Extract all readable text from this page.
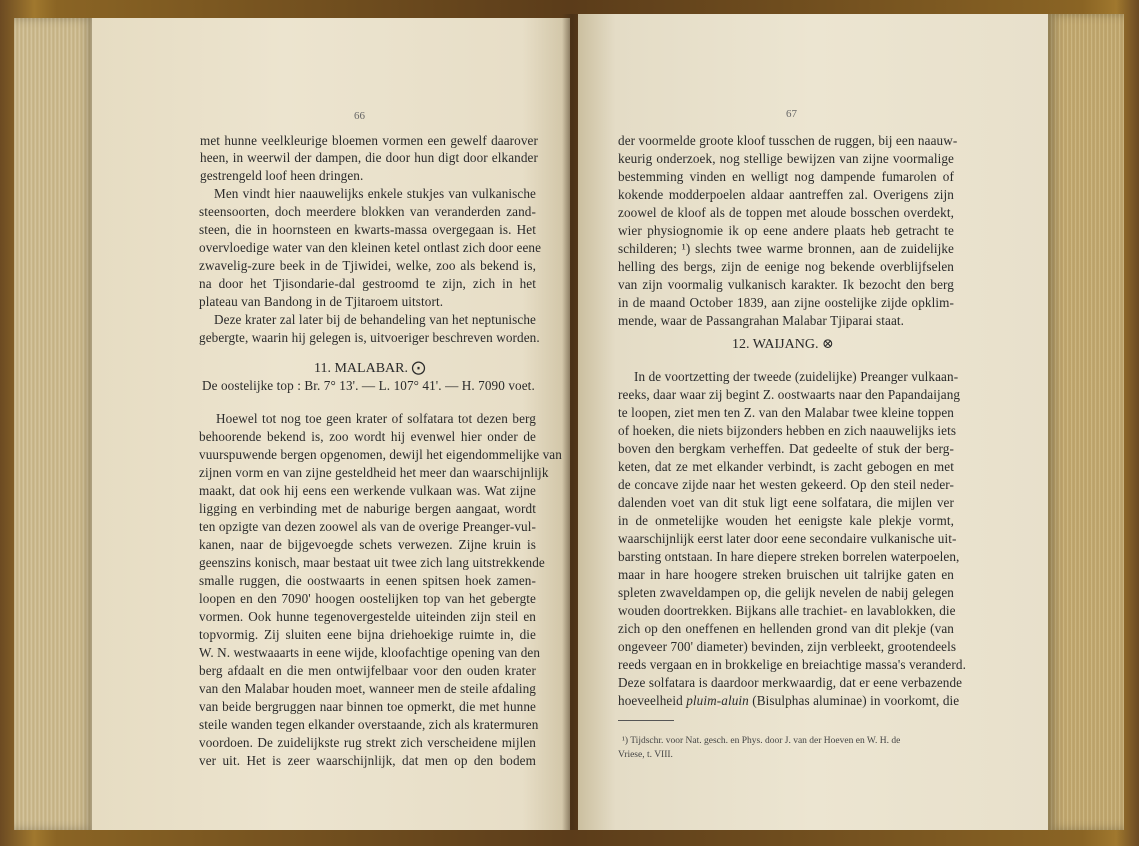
66
met hunne veelkleurige bloemen vormen een gewelf daarover
heen, in weerwil der dampen, die door hun digt door elkander
gestrengeld loof heen dringen.
Men vindt hier naauwelijks enkele stukjes van vulkanische
steensoorten, doch meerdere blokken van veranderden zand-
steen, die in hoornsteen en kwarts-massa overgegaan is. Het
overvloedige water van den kleinen ketel ontlast zich door eene
zwavelig-zure beek in de Tjiwidei, welke, zoo als bekend is,
na door het Tjisondarie-dal gestroomd te zijn, zich in het
plateau van Bandong in de Tjitaroem uitstort.
Deze krater zal later bij de behandeling van het neptunische
gebergte, waarin hij gelegen is, uitvoeriger beschreven worden.
11. MALABAR. ⨀
De oostelijke top : Br. 7° 13'. — L. 107° 41'. — H. 7090 voet.
Hoewel tot nog toe geen krater of solfatara tot dezen berg
behoorende bekend is, zoo wordt hij evenwel hier onder de
vuurspuwende bergen opgenomen, dewijl het eigendommelijke van
zijnen vorm en van zijne gesteldheid het meer dan waarschijnlijk
maakt, dat ook hij eens een werkende vulkaan was. Wat zijne
ligging en verbinding met de naburige bergen aangaat, wordt
ten opzigte van dezen zoowel als van de overige Preanger-vul-
kanen, naar de bijgevoegde schets verwezen. Zijne kruin is
geenszins konisch, maar bestaat uit twee zich lang uitstrekkende
smalle ruggen, die oostwaarts in eenen spitsen hoek zamen-
loopen en den 7090' hoogen oostelijken top van het gebergte
vormen. Ook hunne tegenovergestelde uiteinden zijn steil en
topvormig. Zij sluiten eene bijna driehoekige ruimte in, die
W. N. westwaaarts in eene wijde, kloofachtige opening van den
berg afdaalt en die men ontwijfelbaar voor den ouden krater
van den Malabar houden moet, wanneer men de steile afdaling
van beide bergruggen naar binnen toe opmerkt, die met hunne
steile wanden tegen elkander overstaande, zich als kratermuren
voordoen. De zuidelijkste rug strekt zich verscheidene mijlen
ver uit. Het is zeer waarschijnlijk, dat men op den bodem
67
der voormelde groote kloof tusschen de ruggen, bij een naauw-
keurig onderzoek, nog stellige bewijzen van zijne voormalige
bestemming vinden en welligt nog dampende fumarolen of
kokende modderpoelen aldaar aantreffen zal. Overigens zijn
zoowel de kloof als de toppen met aloude bosschen overdekt,
wier physiognomie ik op eene andere plaats heb getracht te
schilderen; ¹) slechts twee warme bronnen, aan de zuidelijke
helling des bergs, zijn de eenige nog bekende overblijfselen
van zijn voormalig vulkanisch karakter. Ik bezocht den berg
in de maand October 1839, aan zijne oostelijke zijde opklim-
mende, waar de Passangrahan Malabar Tjiparai staat.
12. WAIJANG. ⊗
In de voortzetting der tweede (zuidelijke) Preanger vulkaan-
reeks, daar waar zij begint Z. oostwaarts naar den Papandaijang
te loopen, ziet men ten Z. van den Malabar twee kleine toppen
of hoeken, die niets bijzonders hebben en zich naauwelijks iets
boven den bergkam verheffen. Dat gedeelte of stuk der berg-
keten, dat ze met elkander verbindt, is zacht gebogen en met
de concave zijde naar het westen gekeerd. Op den steil neder-
dalenden voet van dit stuk ligt eene solfatara, die mijlen ver
in de onmetelijke wouden het eenigste kale plekje vormt,
waarschijnlijk eerst later door eene secondaire vulkanische uit-
barsting ontstaan. In hare diepere streken borrelen waterpoelen,
maar in hare hoogere streken bruischen uit talrijke gaten en
spleten zwaveldampen op, die gelijk nevelen de nabij gelegen
wouden doortrekken. Bijkans alle trachiet- en lavablokken, die
zich op den oneffenen en hellenden grond van dit plekje (van
ongeveer 700' diameter) bevinden, zijn verbleekt, grootendeels
reeds vergaan en in brokkelige en breiachtige massa's veranderd.
Deze solfatara is daardoor merkwaardig, dat er eene verbazende
hoeveelheid pluim-aluin (Bisulphas aluminae) in voorkomt, die
¹) Tijdschr. voor Nat. gesch. en Phys. door J. van der Hoeven en W. H. de
Vriese, t. VIII.
